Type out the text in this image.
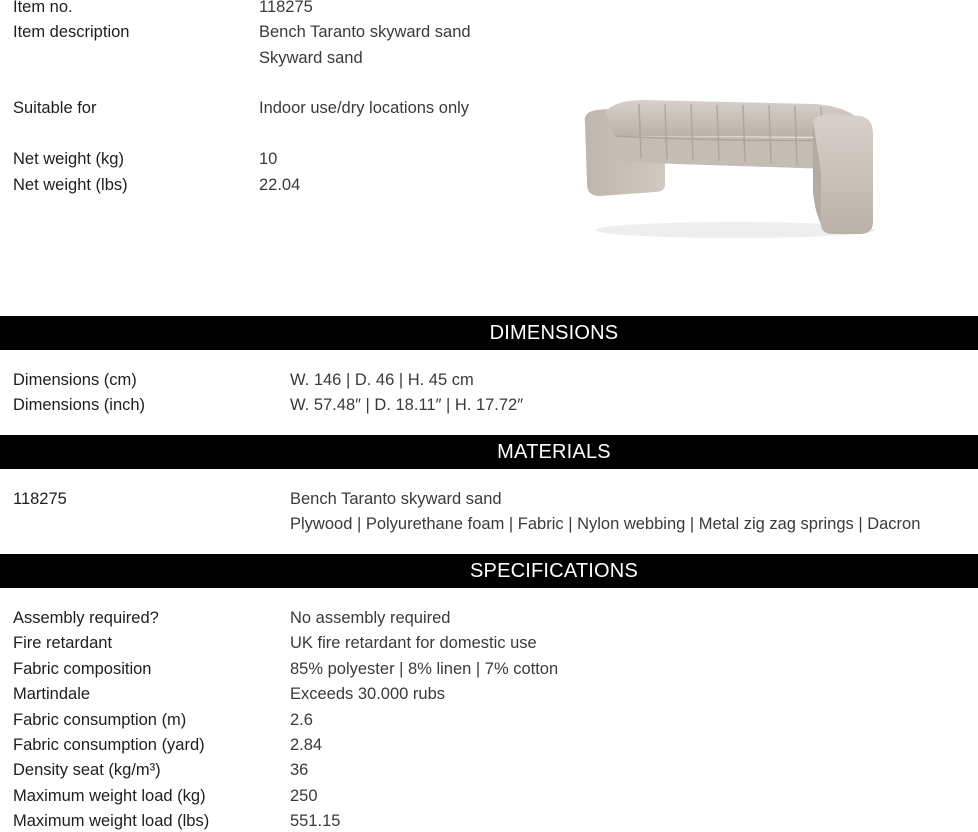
Item no.	118275
Item description	Bench Taranto skyward sand
Skyward sand
Suitable for	Indoor use/dry locations only
Net weight (kg)	10
Net weight (lbs)	22.04
DIMENSIONS
Dimensions (cm)	W. 146 | D. 46 | H. 45 cm
Dimensions (inch)	W. 57.48″ | D. 18.11″ | H. 17.72″
MATERIALS
118275	Bench Taranto skyward sand
Plywood | Polyurethane foam | Fabric | Nylon webbing | Metal zig zag springs | Dacron
SPECIFICATIONS
Assembly required?	No assembly required
Fire retardant	UK fire retardant for domestic use
Fabric composition	85% polyester | 8% linen | 7% cotton
Martindale	Exceeds 30.000 rubs
Fabric consumption (m)	2.6
Fabric consumption (yard)	2.84
Density seat (kg/m³)	36
Maximum weight load (kg)	250
Maximum weight load (lbs)	551.15
